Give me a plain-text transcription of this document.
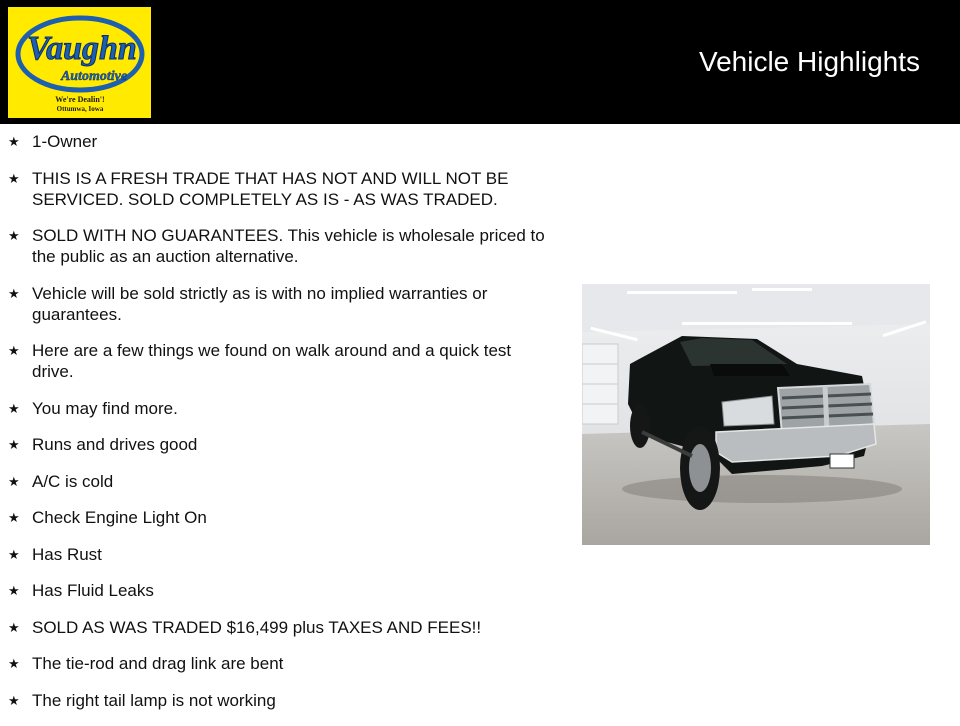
Vaughn
Automotive
We're Dealin'!
Ottumwa, Iowa
Vehicle Highlights
★ 1-Owner
★ THIS IS A FRESH TRADE THAT HAS NOT AND WILL NOT BE SERVICED. SOLD COMPLETELY AS IS - AS WAS TRADED.
★ SOLD WITH NO GUARANTEES. This vehicle is wholesale priced to the public as an auction alternative.
★ Vehicle will be sold strictly as is with no implied warranties or guarantees.
★ Here are a few things we found on walk around and a quick test drive.
★ You may find more.
★ Runs and drives good
★ A/C is cold
★ Check Engine Light On
★ Has Rust
★ Has Fluid Leaks
★ SOLD AS WAS TRADED $16,499 plus TAXES AND FEES!!
★ The tie-rod and drag link are bent
★ The right tail lamp is not working
